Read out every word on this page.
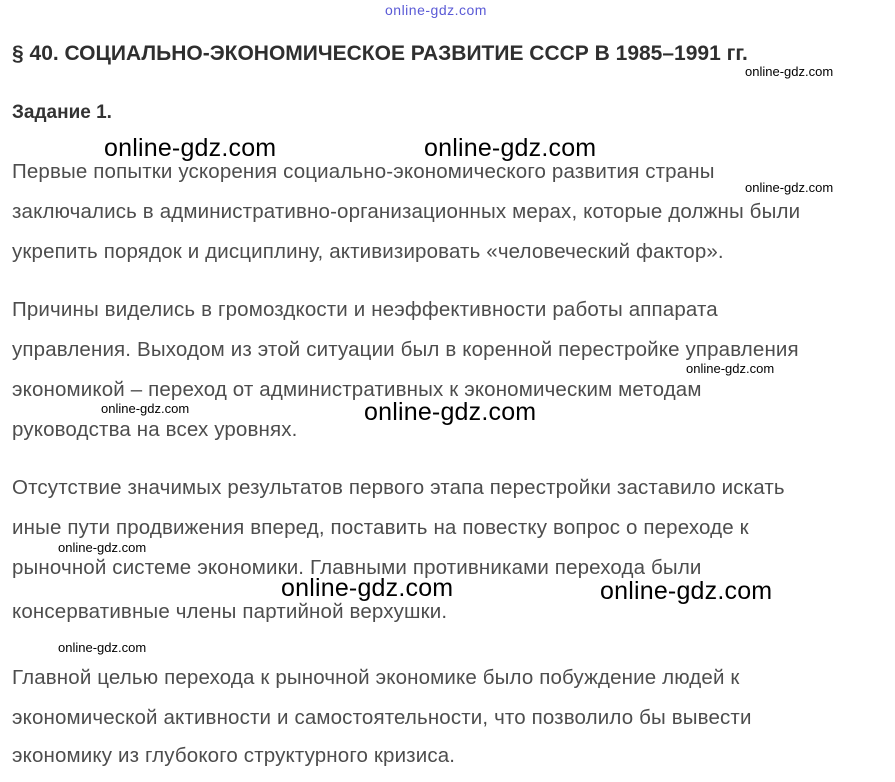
online-gdz.com
§ 40. СОЦИАЛЬНО-ЭКОНОМИЧЕСКОЕ РАЗВИТИЕ СССР В 1985–1991 гг.
Задание 1.

Первые попытки ускорения социально-экономического развития страны

заключались в административно-организационных мерах, которые должны были

укрепить порядок и дисциплину, активизировать «человеческий фактор».

Причины виделись в громоздкости и неэффективности работы аппарата

управления. Выходом из этой ситуации был в коренной перестройке управления

экономикой – переход от административных к экономическим методам

руководства на всех уровнях.

Отсутствие значимых результатов первого этапа перестройки заставило искать

иные пути продвижения вперед, поставить на повестку вопрос о переходе к

рыночной системе экономики. Главными противниками перехода были

консервативные члены партийной верхушки.

Главной целью перехода к рыночной экономике было побуждение людей к

экономической активности и самостоятельности, что позволило бы вывести

экономику из глубокого структурного кризиса.

online-gdz.com
online-gdz.com	online-gdz.com
online-gdz.com
online-gdz.com
online-gdz.com	online-gdz.com
online-gdz.com
online-gdz.com	online-gdz.com
online-gdz.com
